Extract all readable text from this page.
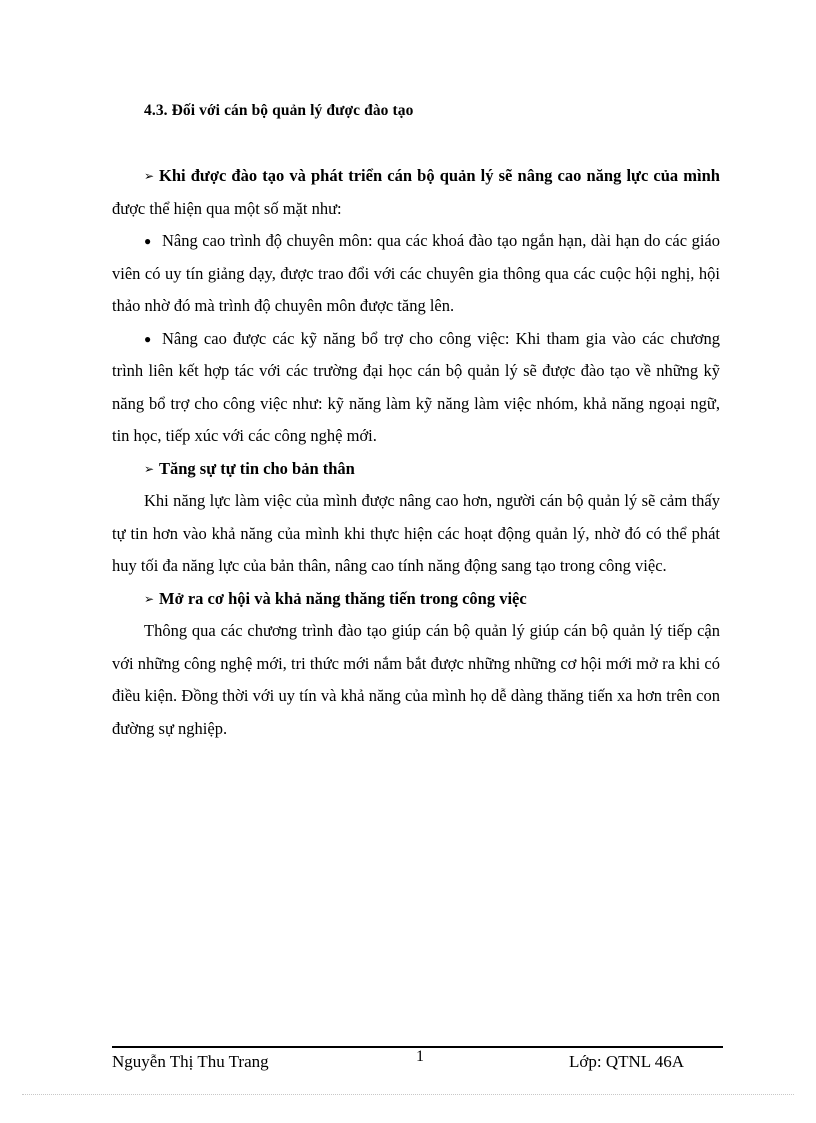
4.3. Đối với cán bộ quản lý được đào tạo

➢ Khi được đào tạo và phát triển cán bộ quản lý sẽ nâng cao năng lực của mình được thể hiện qua một số mặt như:

● Nâng cao trình độ chuyên môn: qua các khoá đào tạo ngắn hạn, dài hạn do các giáo viên có uy tín giảng dạy, được trao đổi với các chuyên gia thông qua các cuộc hội nghị, hội thảo nhờ đó mà trình độ chuyên môn được tăng lên.

● Nâng cao được các kỹ năng bổ trợ cho công việc: Khi tham gia vào các chương trình liên kết hợp tác với các trường đại học cán bộ quản lý sẽ được đào tạo về những kỹ năng bổ trợ cho công việc như: kỹ năng làm kỹ năng làm việc nhóm, khả năng ngoại ngữ, tin học, tiếp xúc với các công nghệ mới.

➢ Tăng sự tự tin cho bản thân

Khi năng lực làm việc của mình được nâng cao hơn, người cán bộ quản lý sẽ cảm thấy tự tin hơn vào khả năng của mình khi thực hiện các hoạt động quản lý, nhờ đó có thể phát huy tối đa năng lực của bản thân, nâng cao tính năng động sang tạo trong công việc.

➢ Mở ra cơ hội và khả năng thăng tiến trong công việc

Thông qua các chương trình đào tạo giúp cán bộ quản lý giúp cán bộ quản lý tiếp cận với những công nghệ mới, tri thức mới nắm bắt được những những cơ hội mới mở ra khi có điều kiện. Đồng thời với uy tín và khả năng của mình họ dễ dàng thăng tiến xa hơn trên con đường sự nghiệp.

Nguyễn Thị Thu Trang	1	Lớp: QTNL 46A
